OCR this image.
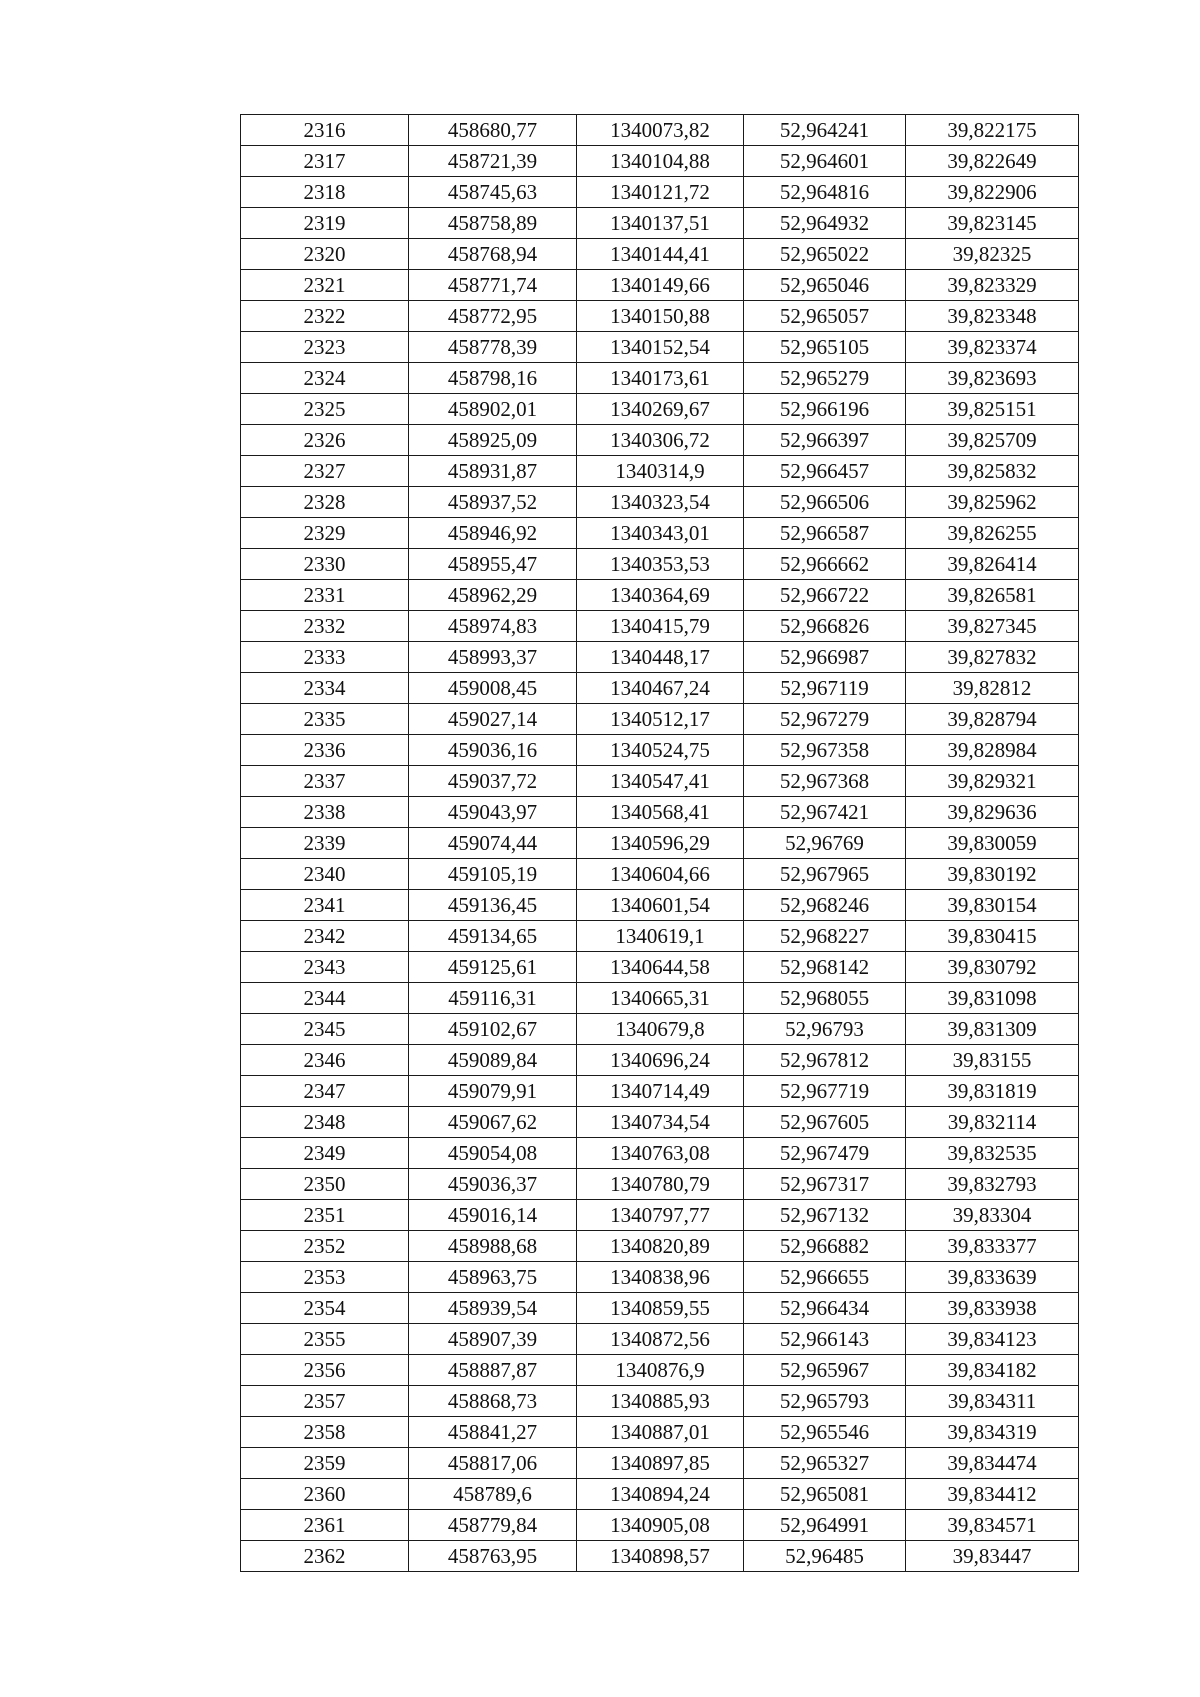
2316	458680,77	1340073,82	52,964241	39,822175
2317	458721,39	1340104,88	52,964601	39,822649
2318	458745,63	1340121,72	52,964816	39,822906
2319	458758,89	1340137,51	52,964932	39,823145
2320	458768,94	1340144,41	52,965022	39,82325
2321	458771,74	1340149,66	52,965046	39,823329
2322	458772,95	1340150,88	52,965057	39,823348
2323	458778,39	1340152,54	52,965105	39,823374
2324	458798,16	1340173,61	52,965279	39,823693
2325	458902,01	1340269,67	52,966196	39,825151
2326	458925,09	1340306,72	52,966397	39,825709
2327	458931,87	1340314,9	52,966457	39,825832
2328	458937,52	1340323,54	52,966506	39,825962
2329	458946,92	1340343,01	52,966587	39,826255
2330	458955,47	1340353,53	52,966662	39,826414
2331	458962,29	1340364,69	52,966722	39,826581
2332	458974,83	1340415,79	52,966826	39,827345
2333	458993,37	1340448,17	52,966987	39,827832
2334	459008,45	1340467,24	52,967119	39,82812
2335	459027,14	1340512,17	52,967279	39,828794
2336	459036,16	1340524,75	52,967358	39,828984
2337	459037,72	1340547,41	52,967368	39,829321
2338	459043,97	1340568,41	52,967421	39,829636
2339	459074,44	1340596,29	52,96769	39,830059
2340	459105,19	1340604,66	52,967965	39,830192
2341	459136,45	1340601,54	52,968246	39,830154
2342	459134,65	1340619,1	52,968227	39,830415
2343	459125,61	1340644,58	52,968142	39,830792
2344	459116,31	1340665,31	52,968055	39,831098
2345	459102,67	1340679,8	52,96793	39,831309
2346	459089,84	1340696,24	52,967812	39,83155
2347	459079,91	1340714,49	52,967719	39,831819
2348	459067,62	1340734,54	52,967605	39,832114
2349	459054,08	1340763,08	52,967479	39,832535
2350	459036,37	1340780,79	52,967317	39,832793
2351	459016,14	1340797,77	52,967132	39,83304
2352	458988,68	1340820,89	52,966882	39,833377
2353	458963,75	1340838,96	52,966655	39,833639
2354	458939,54	1340859,55	52,966434	39,833938
2355	458907,39	1340872,56	52,966143	39,834123
2356	458887,87	1340876,9	52,965967	39,834182
2357	458868,73	1340885,93	52,965793	39,834311
2358	458841,27	1340887,01	52,965546	39,834319
2359	458817,06	1340897,85	52,965327	39,834474
2360	458789,6	1340894,24	52,965081	39,834412
2361	458779,84	1340905,08	52,964991	39,834571
2362	458763,95	1340898,57	52,96485	39,83447
